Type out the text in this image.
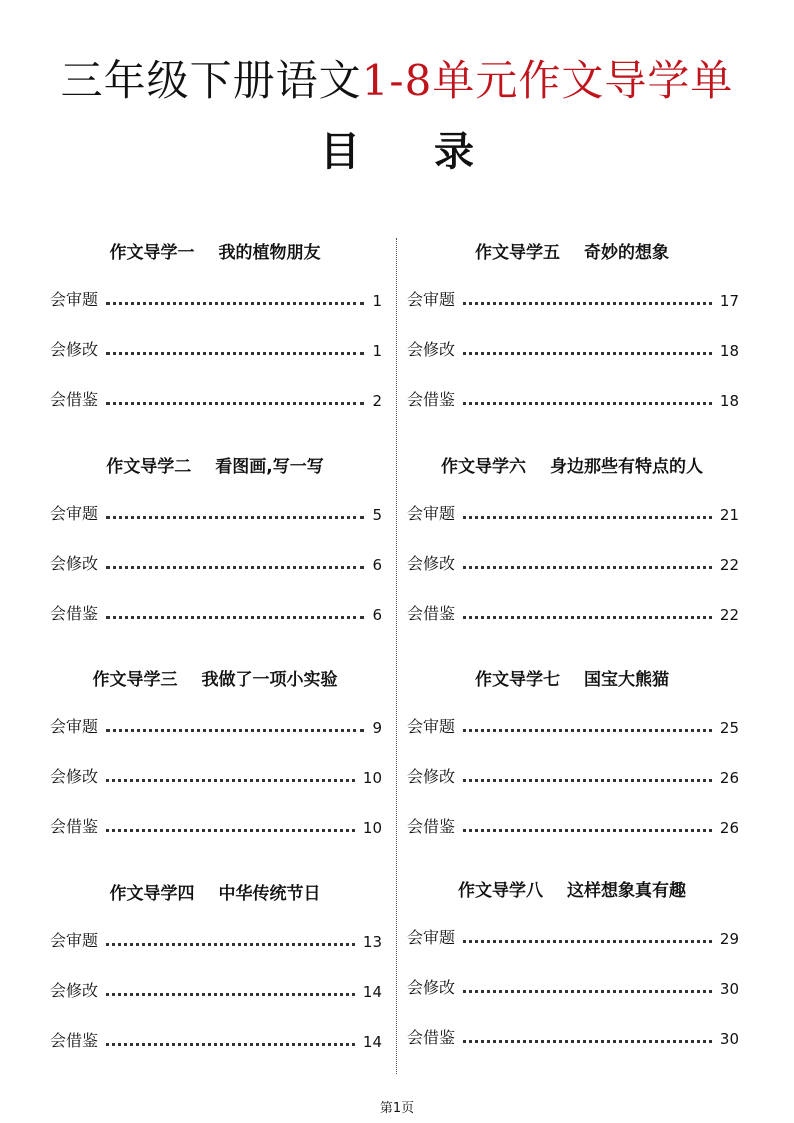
三年级下册语文1-8单元作文导学单
目 录
作文导学一 我的植物朋友
会审题	1
会修改	1
会借鉴	2
作文导学二 看图画,写一写
会审题	5
会修改	6
会借鉴	6
作文导学三 我做了一项小实验
会审题	9
会修改	10
会借鉴	10
作文导学四 中华传统节日
会审题	13
会修改	14
会借鉴	14
作文导学五 奇妙的想象
会审题	17
会修改	18
会借鉴	18
作文导学六 身边那些有特点的人
会审题	21
会修改	22
会借鉴	22
作文导学七 国宝大熊猫
会审题	25
会修改	26
会借鉴	26
作文导学八 这样想象真有趣
会审题	29
会修改	30
会借鉴	30
第1页
